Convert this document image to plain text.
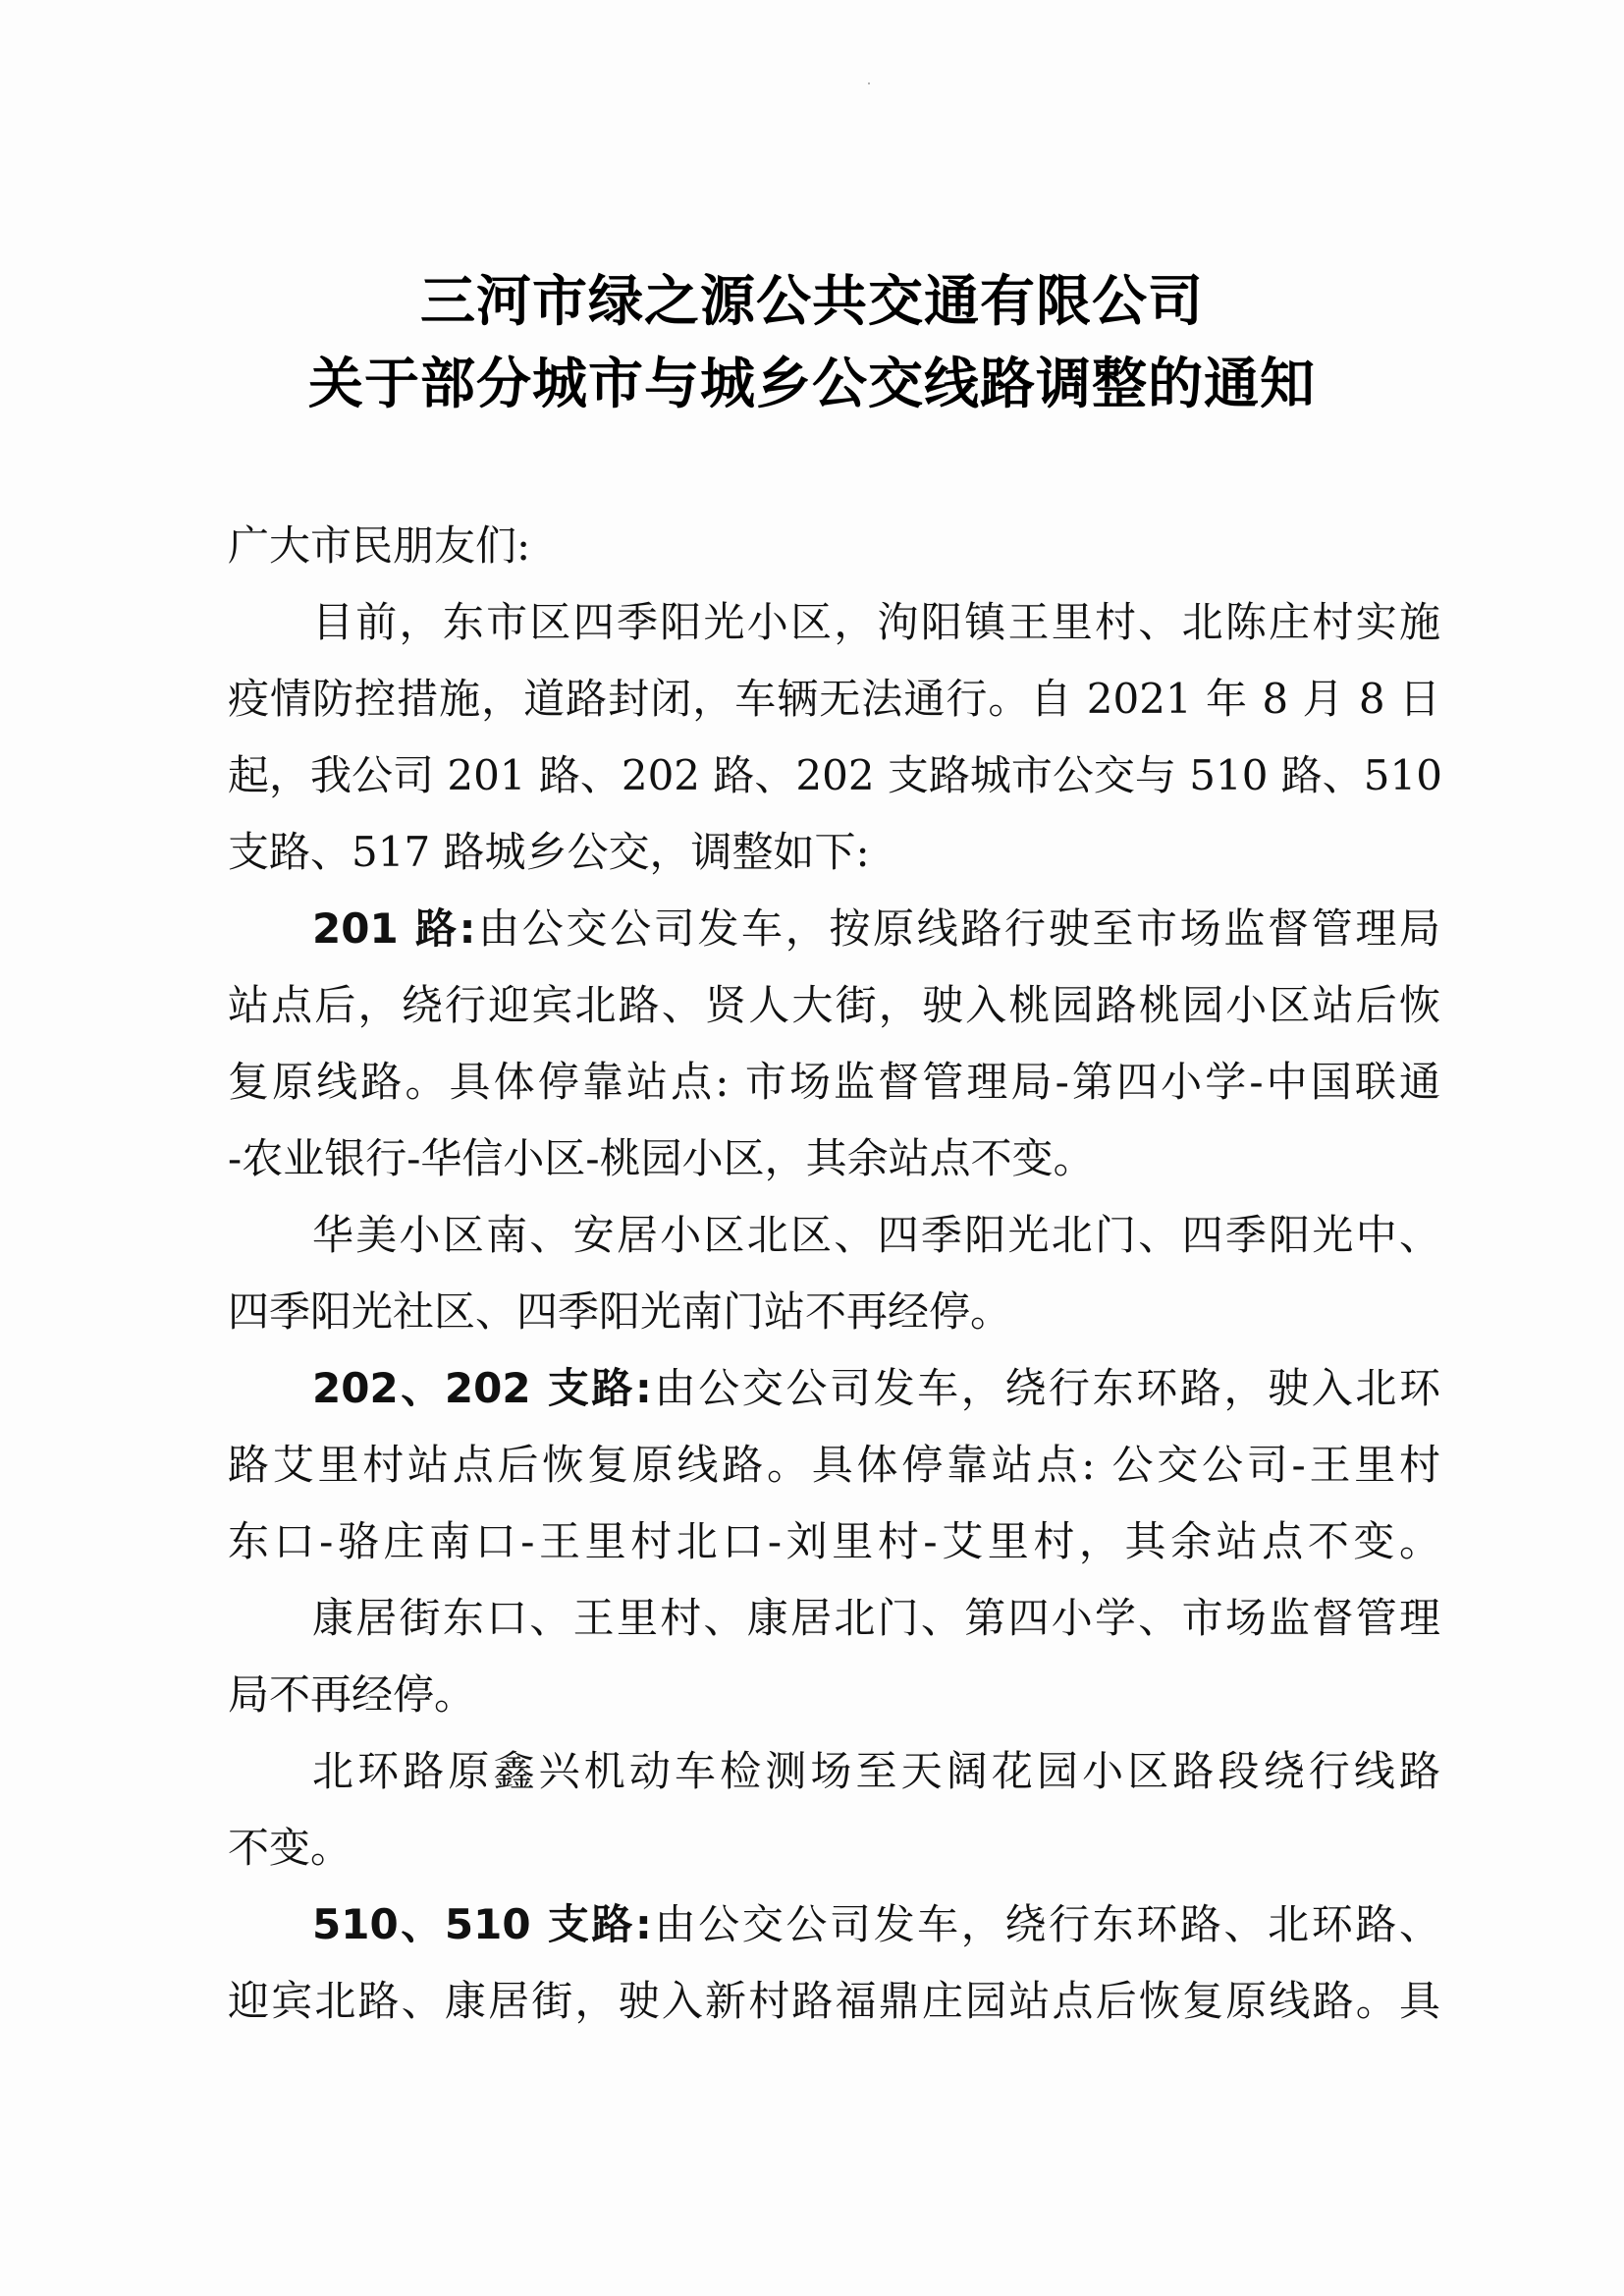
三河市绿之源公共交通有限公司
关于部分城市与城乡公交线路调整的通知
广大市民朋友们:
目前，东市区四季阳光小区，泃阳镇王里村、北陈庄村实施
疫情防控措施，道路封闭，车辆无法通行。自 2021 年 8 月 8 日
起，我公司 201 路、202 路、202 支路城市公交与 510 路、510
支路、517 路城乡公交，调整如下:
201 路:由公交公司发车，按原线路行驶至市场监督管理局
站点后，绕行迎宾北路、贤人大街，驶入桃园路桃园小区站后恢
复原线路。具体停靠站点: 市场监督管理局-第四小学-中国联通
-农业银行-华信小区-桃园小区，其余站点不变。
华美小区南、安居小区北区、四季阳光北门、四季阳光中、
四季阳光社区、四季阳光南门站不再经停。
202、202 支路:由公交公司发车，绕行东环路，驶入北环
路艾里村站点后恢复原线路。具体停靠站点: 公交公司-王里村
东口-骆庄南口-王里村北口-刘里村-艾里村，其余站点不变。
康居街东口、王里村、康居北门、第四小学、市场监督管理
局不再经停。
北环路原鑫兴机动车检测场至天阔花园小区路段绕行线路
不变。
510、510 支路:由公交公司发车，绕行东环路、北环路、
迎宾北路、康居街，驶入新村路福鼎庄园站点后恢复原线路。具
